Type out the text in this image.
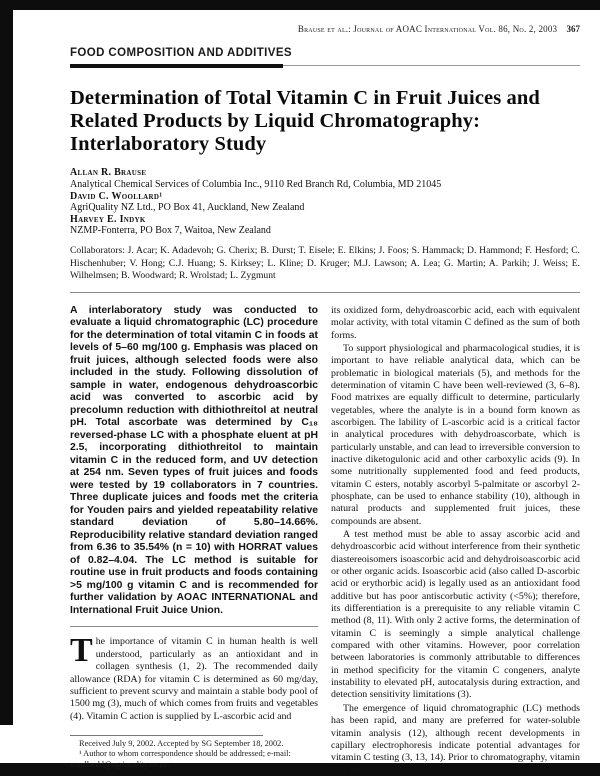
Brause et al.: Journal of AOAC International Vol. 86, No. 2, 2003 367
FOOD COMPOSITION AND ADDITIVES
Determination of Total Vitamin C in Fruit Juices and Related Products by Liquid Chromatography: Interlaboratory Study
Allan R. Brause
Analytical Chemical Services of Columbia Inc., 9110 Red Branch Rd, Columbia, MD 21045
David C. Woollard¹
AgriQuality NZ Ltd., PO Box 41, Auckland, New Zealand
Harvey E. Indyk
NZMP-Fonterra, PO Box 7, Waitoa, New Zealand
Collaborators: J. Acar; K. Adadevoh; G. Cherix; B. Durst; T. Eisele; E. Elkins; J. Foos; S. Hammack; D. Hammond; F. Hesford; C. Hischenhuber; V. Hong; C.J. Huang; S. Kirksey; L. Kline; D. Kruger; M.J. Lawson; A. Lea; G. Martin; A. Parkih; J. Weiss; E. Wilhelmsen; B. Woodward; R. Wrolstad; L. Zygmunt
A interlaboratory study was conducted to evaluate a liquid chromatographic (LC) procedure for the determination of total vitamin C in foods at levels of 5–60 mg/100 g. Emphasis was placed on fruit juices, although selected foods were also included in the study. Following dissolution of sample in water, endogenous dehydroascorbic acid was converted to ascorbic acid by precolumn reduction with dithiothreitol at neutral pH. Total ascorbate was determined by C₁₈ reversed-phase LC with a phosphate eluent at pH 2.5, incorporating dithiothreitol to maintain vitamin C in the reduced form, and UV detection at 254 nm. Seven types of fruit juices and foods were tested by 19 collaborators in 7 countries. Three duplicate juices and foods met the criteria for Youden pairs and yielded repeatability relative standard deviation of 5.80–14.66%. Reproducibility relative standard deviation ranged from 6.36 to 35.54% (n = 10) with HORRAT values of 0.82–4.04. The LC method is suitable for routine use in fruit products and foods containing >5 mg/100 g vitamin C and is recommended for further validation by AOAC INTERNATIONAL and International Fruit Juice Union.
The importance of vitamin C in human health is well understood, particularly as an antioxidant and in collagen synthesis (1, 2). The recommended daily allowance (RDA) for vitamin C is determined as 60 mg/day, sufficient to prevent scurvy and maintain a stable body pool of 1500 mg (3), much of which comes from fruits and vegetables (4). Vitamin C action is supplied by L-ascorbic acid and
Received July 9, 2002. Accepted by SG September 18, 2002.
¹ Author to whom correspondence should be addressed; e-mail: woollardd@agriquality.co.nz.
its oxidized form, dehydroascorbic acid, each with equivalent molar activity, with total vitamin C defined as the sum of both forms.
To support physiological and pharmacological studies, it is important to have reliable analytical data, which can be problematic in biological materials (5), and methods for the determination of vitamin C have been well-reviewed (3, 6–8). Food matrixes are equally difficult to determine, particularly vegetables, where the analyte is in a bound form known as ascorbigen. The lability of L-ascorbic acid is a critical factor in analytical procedures with dehydroascorbate, which is particularly unstable, and can lead to irreversible conversion to inactive diketogulonic acid and other carboxylic acids (9). In some nutritionally supplemented food and feed products, vitamin C esters, notably ascorbyl 5-palmitate or ascorbyl 2-phosphate, can be used to enhance stability (10), although in natural products and supplemented fruit juices, these compounds are absent.
A test method must be able to assay ascorbic acid and dehydroascorbic acid without interference from their synthetic diastereoisomers isoascorbic acid and dehydroisoascorbic acid or other organic acids. Isoascorbic acid (also called D-ascorbic acid or erythorbic acid) is legally used as an antioxidant food additive but has poor antiscorbutic activity (<5%); therefore, its differentiation is a prerequisite to any reliable vitamin C method (8, 11). With only 2 active forms, the determination of vitamin C is seemingly a simple analytical challenge compared with other vitamins. However, poor correlation between laboratories is commonly attributable to differences in method specificity for the vitamin C congeners, analyte instability to elevated pH, autocatalysis during extraction, and detection sensitivity limitations (3).
The emergence of liquid chromatographic (LC) methods has been rapid, and many are preferred for water-soluble vitamin analysis (12), although recent developments in capillary electrophoresis indicate potential advantages for vitamin C testing (3, 13, 14). Prior to chromatography, vitamin C is usu-
